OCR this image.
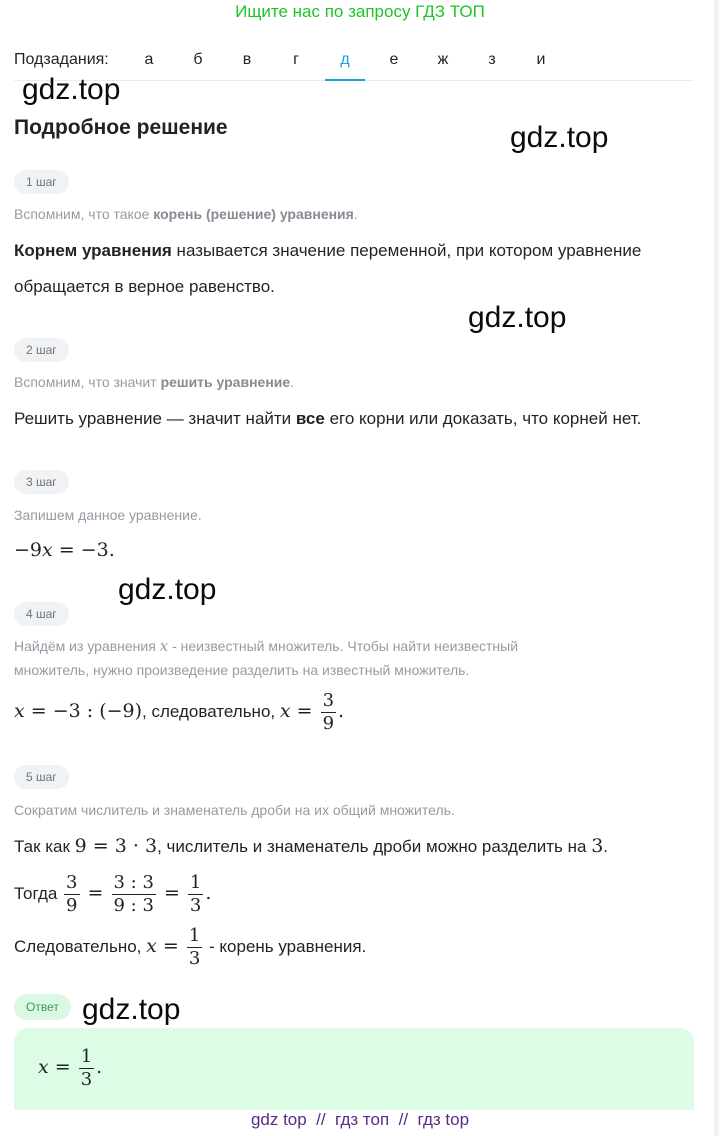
Ищите нас по запросу ГДЗ ТОП
Подзадания:	а	б	в	г	д	е	ж	з	и
gdz.top
gdz.top
gdz.top
gdz.top
gdz.top
Подробное решение
1 шаг
Вспомним, что такое корень (решение) уравнения.
Корнем уравнения называется значение переменной, при котором уравнение
обращается в верное равенство.
2 шаг
Вспомним, что значит решить уравнение.
Решить уравнение — значит найти все его корни или доказать, что корней нет.
3 шаг
Запишем данное уравнение.
−9x = −3.
4 шаг
Найдём из уравнения x - неизвестный множитель. Чтобы найти неизвестный
множитель, нужно произведение разделить на известный множитель.
x = −3 : (−9), следовательно, $x = \frac{3}{9}$ .
5 шаг
Сократим числитель и знаменатель дроби на их общий множитель.
Так как 9 = 3 · 3, числитель и знаменатель дроби можно разделить на 3.
Тогда $\frac{3}{9} = \frac{3 : 3}{9 : 3} = \frac{1}{3}$ .
Следовательно, $x = \frac{1}{3}$ - корень уравнения.
Ответ
$x = \frac{1}{3}$ .
gdz top  //  гдз топ  //  гдз top
